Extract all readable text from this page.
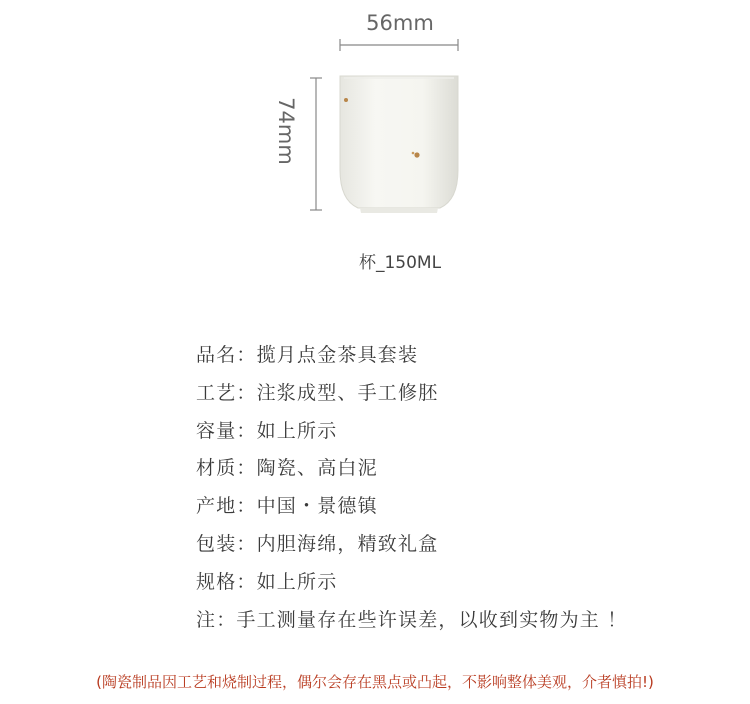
56mm
74mm
杯_150ML
品名：揽月点金茶具套装
工艺：注浆成型、手工修胚
容量：如上所示
材质：陶瓷、高白泥
产地：中国・景德镇
包装：内胆海绵，精致礼盒
规格：如上所示
注：手工测量存在些许误差，以收到实物为主 ！
(陶瓷制品因工艺和烧制过程，偶尔会存在黑点或凸起，不影响整体美观，介者慎拍!)
